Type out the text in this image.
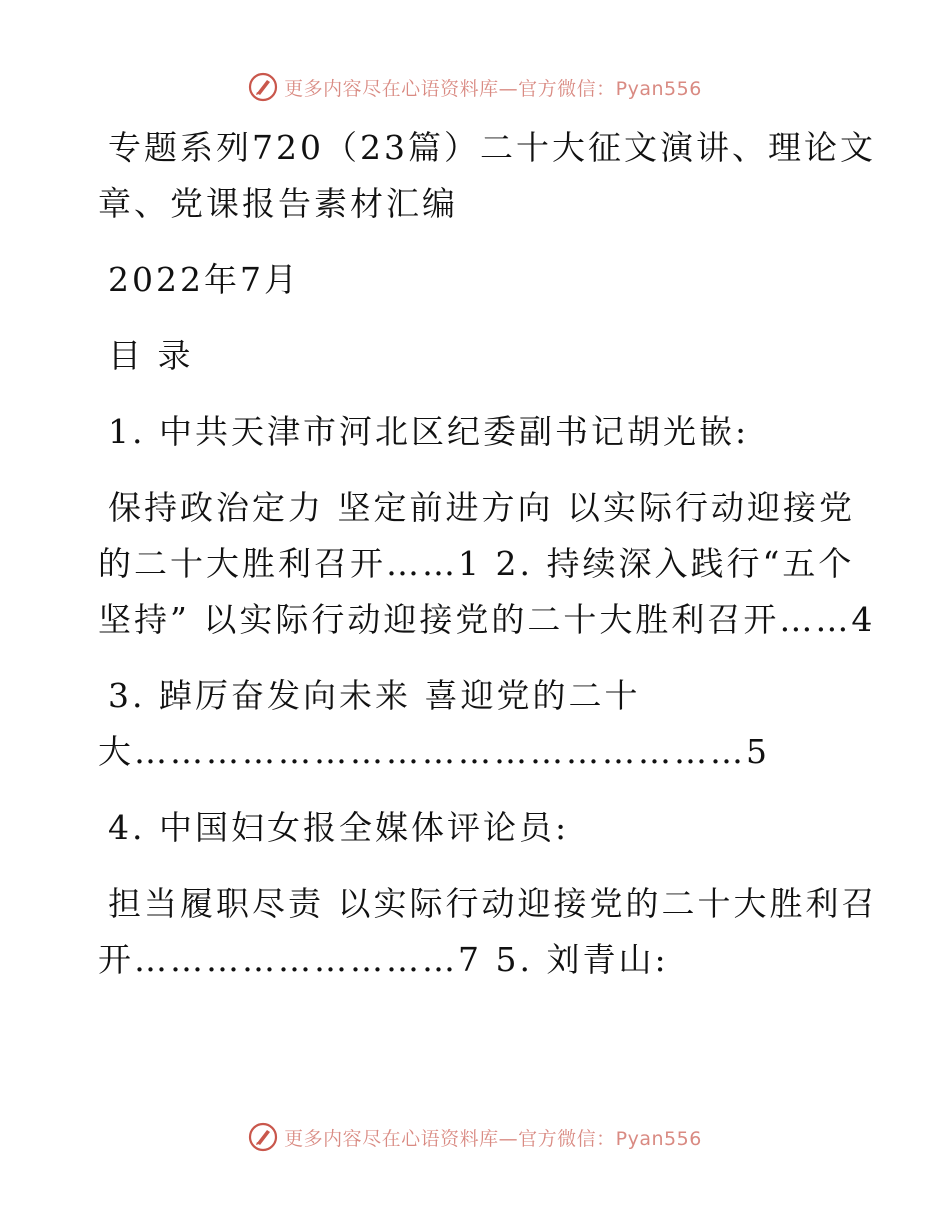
更多内容尽在心语资料库—官方微信：Pyan556

专题系列720（23篇）二十大征文演讲、理论文

章、党课报告素材汇编

2022年7月

目 录

1. 中共天津市河北区纪委副书记胡光嵌:

保持政治定力 坚定前进方向 以实际行动迎接党

的二十大胜利召开……1 2. 持续深入践行“五个

坚持” 以实际行动迎接党的二十大胜利召开……4

3. 踔厉奋发向未来 喜迎党的二十

大……………………………………………5

4. 中国妇女报全媒体评论员:

担当履职尽责 以实际行动迎接党的二十大胜利召

开………………………7 5. 刘青山:

更多内容尽在心语资料库—官方微信：Pyan556
